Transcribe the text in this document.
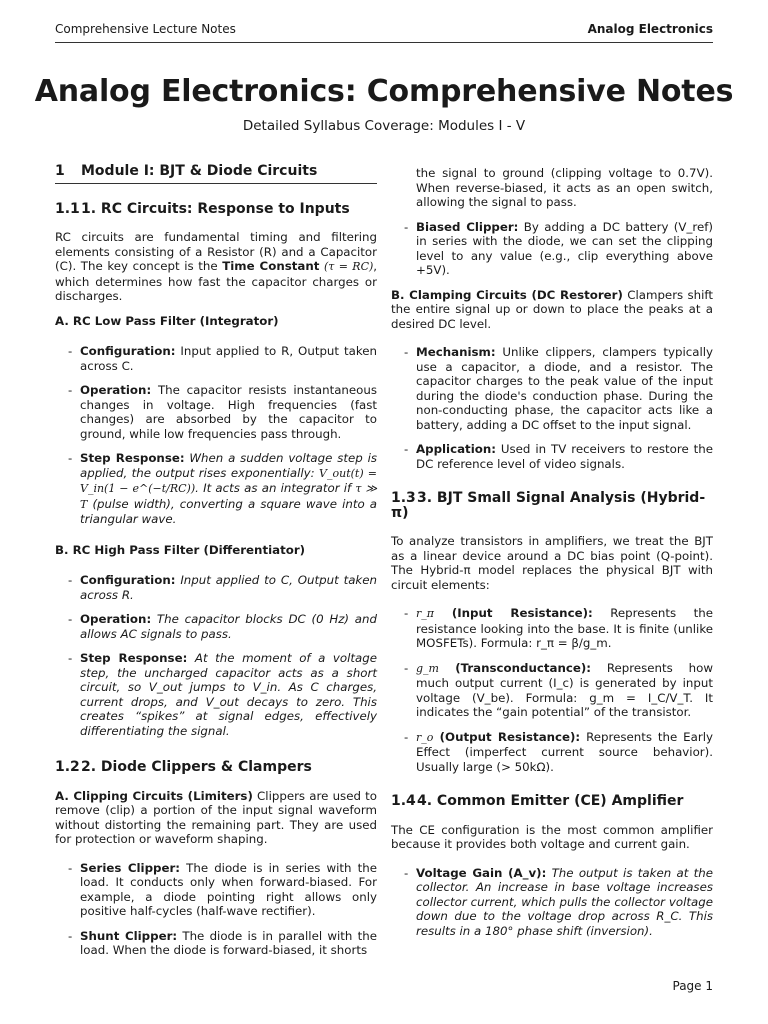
Comprehensive Lecture Notes	Analog Electronics
Analog Electronics: Comprehensive Notes
Detailed Syllabus Coverage: Modules I - V
1 Module I: BJT & Diode Circuits
1.11. RC Circuits: Response to Inputs

RC circuits are fundamental timing and filtering elements consisting of a Resistor (R) and a Capacitor (C). The key concept is the Time Constant (τ = RC), which determines how fast the capacitor charges or discharges.

A. RC Low Pass Filter (Integrator)
- Configuration: Input applied to R, Output taken across C.
- Operation: The capacitor resists instantaneous changes in voltage. High frequencies (fast changes) are absorbed by the capacitor to ground, while low frequencies pass through.
- Step Response: When a sudden voltage step is applied, the output rises exponentially: V_out(t) = V_in(1 − e^(−t/RC)). It acts as an integrator if τ ≫ T (pulse width), converting a square wave into a triangular wave.
B. RC High Pass Filter (Differentiator)
- Configuration: Input applied to C, Output taken across R.
- Operation: The capacitor blocks DC (0 Hz) and allows AC signals to pass.
- Step Response: At the moment of a voltage step, the uncharged capacitor acts as a short circuit, so V_out jumps to V_in. As C charges, current drops, and V_out decays to zero. This creates “spikes” at signal edges, effectively differentiating the signal.
1.22. Diode Clippers & Clampers

A. Clipping Circuits (Limiters) Clippers are used to remove (clip) a portion of the input signal waveform without distorting the remaining part. They are used for protection or waveform shaping.

- Series Clipper: The diode is in series with the load. It conducts only when forward-biased. For example, a diode pointing right allows only positive half-cycles (half-wave rectifier).
- Shunt Clipper: The diode is in parallel with the load. When the diode is forward-biased, it shorts
the signal to ground (clipping voltage to 0.7V). When reverse-biased, it acts as an open switch, allowing the signal to pass.
- Biased Clipper: By adding a DC battery (V_ref) in series with the diode, we can set the clipping level to any value (e.g., clip everything above +5V).

B. Clamping Circuits (DC Restorer) Clampers shift the entire signal up or down to place the peaks at a desired DC level.

- Mechanism: Unlike clippers, clampers typically use a capacitor, a diode, and a resistor. The capacitor charges to the peak value of the input during the diode's conduction phase. During the non-conducting phase, the capacitor acts like a battery, adding a DC offset to the input signal.
- Application: Used in TV receivers to restore the DC reference level of video signals.
1.33. BJT Small Signal Analysis (Hybrid-π)

To analyze transistors in amplifiers, we treat the BJT as a linear device around a DC bias point (Q-point). The Hybrid-π model replaces the physical BJT with circuit elements:

- r_π (Input Resistance): Represents the resistance looking into the base. It is finite (unlike MOSFETs). Formula: r_π = β/g_m.
- g_m (Transconductance): Represents how much output current (I_c) is generated by input voltage (V_be). Formula: g_m = I_C/V_T. It indicates the “gain potential” of the transistor.
- r_o (Output Resistance): Represents the Early Effect (imperfect current source behavior). Usually large (> 50kΩ).
1.44. Common Emitter (CE) Amplifier

The CE configuration is the most common amplifier because it provides both voltage and current gain.

- Voltage Gain (A_v): The output is taken at the collector. An increase in base voltage increases collector current, which pulls the collector voltage down due to the voltage drop across R_C. This results in a 180° phase shift (inversion).
Page 1
